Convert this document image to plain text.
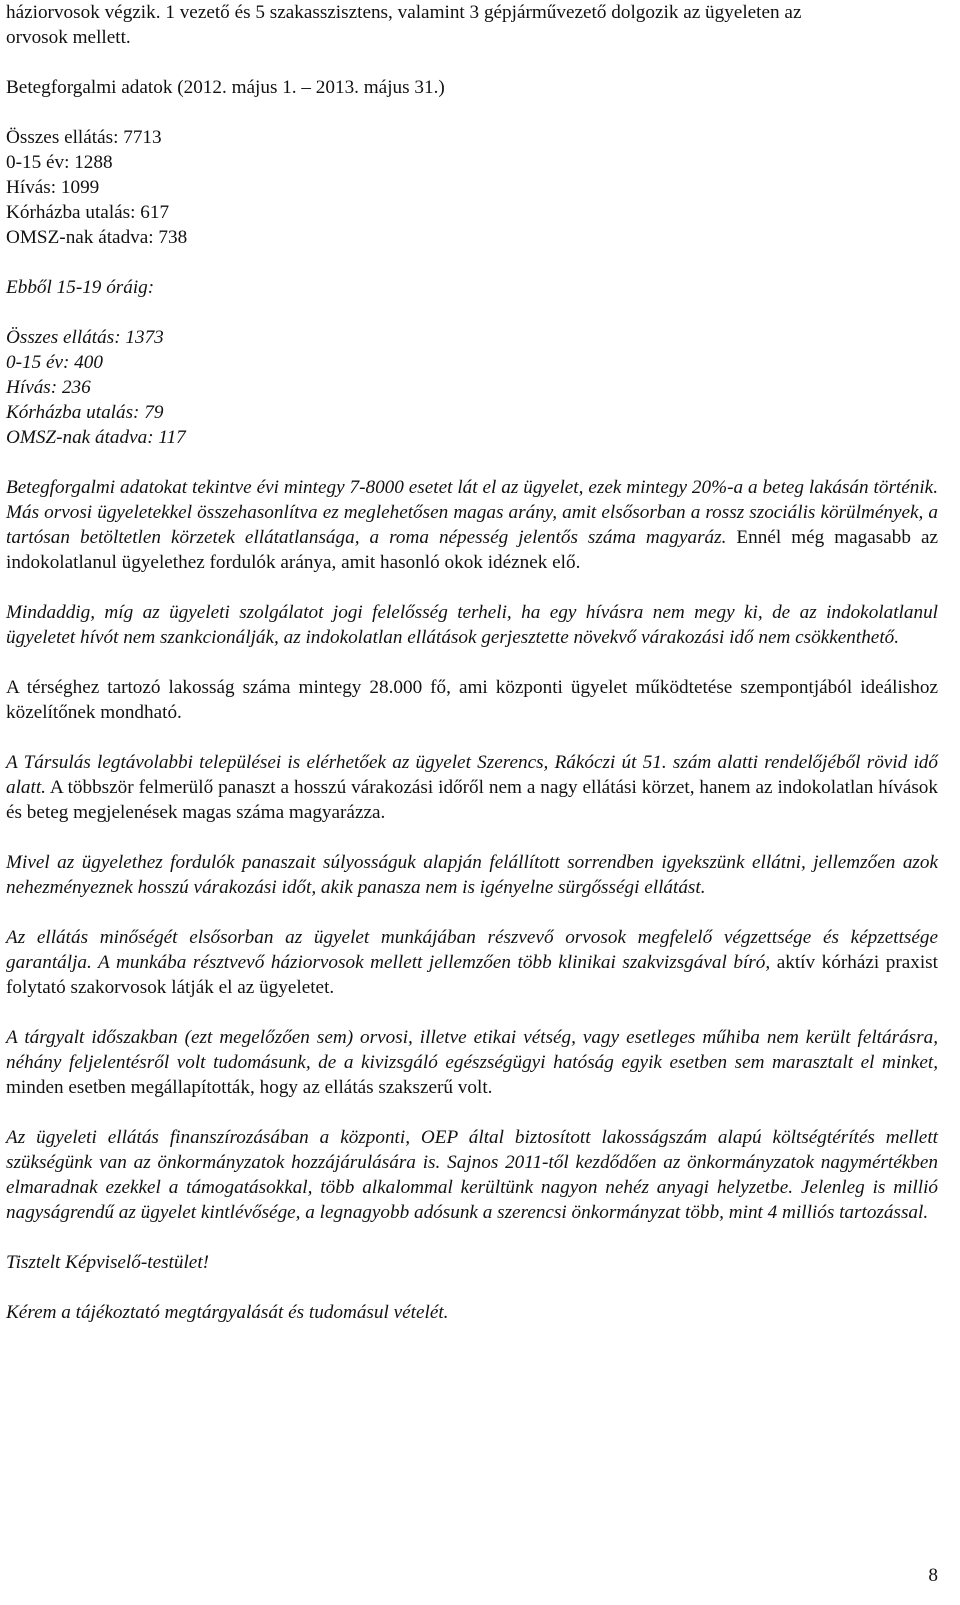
háziorvosok végzik. 1 vezető és 5 szakasszisztens, valamint 3 gépjárművezető dolgozik az ügyeleten az

orvosok mellett.

Betegforgalmi adatok (2012. május 1. – 2013. május 31.)

Összes ellátás: 7713

0-15 év: 1288

Hívás: 1099

Kórházba utalás: 617

OMSZ-nak átadva: 738

Ebből 15-19 óráig:

Összes ellátás: 1373

0-15 év: 400

Hívás: 236

Kórházba utalás: 79

OMSZ-nak átadva: 117

Betegforgalmi adatokat tekintve évi mintegy 7-8000 esetet lát el az ügyelet, ezek mintegy 20%-a a beteg lakásán történik. Más orvosi ügyeletekkel összehasonlítva ez meglehetősen magas arány, amit elsősorban a rossz szociális körülmények, a tartósan betöltetlen körzetek ellátatlansága, a roma népesség jelentős száma magyaráz. Ennél még magasabb az indokolatlanul ügyelethez fordulók aránya, amit hasonló okok idéznek elő.

Mindaddig, míg az ügyeleti szolgálatot jogi felelősség terheli, ha egy hívásra nem megy ki, de az indokolatlanul ügyeletet hívót nem szankcionálják, az indokolatlan ellátások gerjesztette növekvő várakozási idő nem csökkenthető.

A térséghez tartozó lakosság száma mintegy 28.000 fő, ami központi ügyelet működtetése szempontjából ideálishoz közelítőnek mondható.

A Társulás legtávolabbi települései is elérhetőek az ügyelet Szerencs, Rákóczi út 51. szám alatti rendelőjéből rövid idő alatt. A többször felmerülő panaszt a hosszú várakozási időről nem a nagy ellátási körzet, hanem az indokolatlan hívások és beteg megjelenések magas száma magyarázza.

Mivel az ügyelethez fordulók panaszait súlyosságuk alapján felállított sorrendben igyekszünk ellátni, jellemzően azok nehezményeznek hosszú várakozási időt, akik panasza nem is igényelne sürgősségi ellátást.

Az ellátás minőségét elsősorban az ügyelet munkájában részvevő orvosok megfelelő végzettsége és képzettsége garantálja. A munkába résztvevő háziorvosok mellett jellemzően több klinikai szakvizsgával bíró, aktív kórházi praxist folytató szakorvosok látják el az ügyeletet.

A tárgyalt időszakban (ezt megelőzően sem) orvosi, illetve etikai vétség, vagy esetleges műhiba nem került feltárásra, néhány feljelentésről volt tudomásunk, de a kivizsgáló egészségügyi hatóság egyik esetben sem marasztalt el minket, minden esetben megállapították, hogy az ellátás szakszerű volt.

Az ügyeleti ellátás finanszírozásában a központi, OEP által biztosított lakosságszám alapú költségtérítés mellett szükségünk van az önkormányzatok hozzájárulására is. Sajnos 2011-től kezdődően az önkormányzatok nagymértékben elmaradnak ezekkel a támogatásokkal, több alkalommal kerültünk nagyon nehéz anyagi helyzetbe. Jelenleg is millió nagyságrendű az ügyelet kintlévősége, a legnagyobb adósunk a szerencsi önkormányzat több, mint 4 milliós tartozással.

Tisztelt Képviselő-testület!

Kérem a tájékoztató megtárgyalását és tudomásul vételét.

8
